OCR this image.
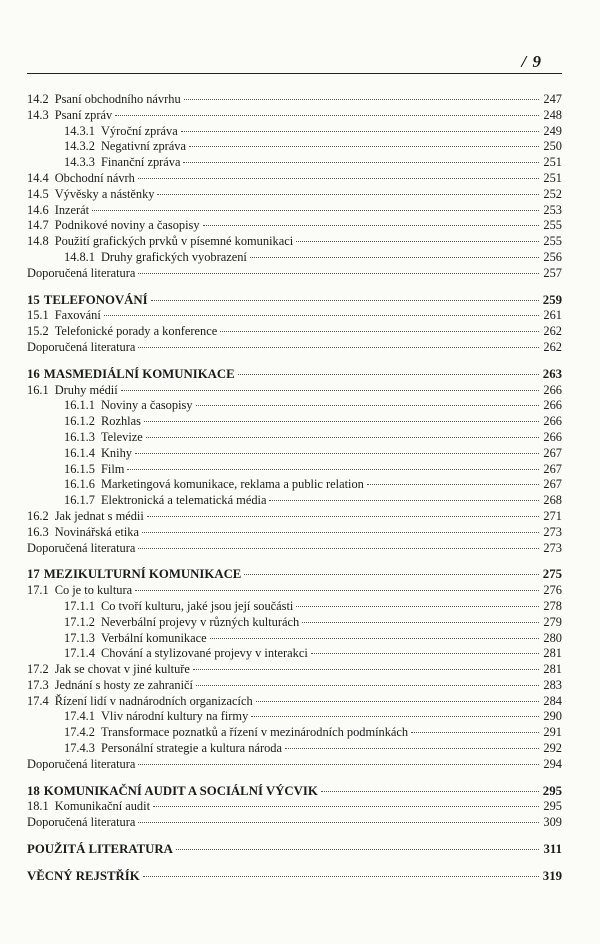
/ 9
14.2 Psaní obchodního návrhu	247
14.3 Psaní zpráv	248
14.3.1 Výroční zpráva	249
14.3.2 Negativní zpráva	250
14.3.3 Finanční zpráva	251
14.4 Obchodní návrh	251
14.5 Vývěsky a nástěnky	252
14.6 Inzerát	253
14.7 Podnikové noviny a časopisy	255
14.8 Použití grafických prvků v písemné komunikaci	255
14.8.1 Druhy grafických vyobrazení	256
Doporučená literatura	257
15 TELEFONOVÁNÍ	259
15.1 Faxování	261
15.2 Telefonické porady a konference	262
Doporučená literatura	262
16 MASMEDIÁLNÍ KOMUNIKACE	263
16.1 Druhy médií	266
16.1.1 Noviny a časopisy	266
16.1.2 Rozhlas	266
16.1.3 Televize	266
16.1.4 Knihy	267
16.1.5 Film	267
16.1.6 Marketingová komunikace, reklama a public relation	267
16.1.7 Elektronická a telematická média	268
16.2 Jak jednat s médii	271
16.3 Novinářská etika	273
Doporučená literatura	273
17 MEZIKULTURNÍ KOMUNIKACE	275
17.1 Co je to kultura	276
17.1.1 Co tvoří kulturu, jaké jsou její součásti	278
17.1.2 Neverbální projevy v různých kulturách	279
17.1.3 Verbální komunikace	280
17.1.4 Chování a stylizované projevy v interakci	281
17.2 Jak se chovat v jiné kultuře	281
17.3 Jednání s hosty ze zahraničí	283
17.4 Řízení lidí v nadnárodních organizacích	284
17.4.1 Vliv národní kultury na firmy	290
17.4.2 Transformace poznatků a řízení v mezinárodních podmínkách	291
17.4.3 Personální strategie a kultura národa	292
Doporučená literatura	294
18 KOMUNIKAČNÍ AUDIT A SOCIÁLNÍ VÝCVIK	295
18.1 Komunikační audit	295
Doporučená literatura	309
POUŽITÁ LITERATURA	311
VĚCNÝ REJSTŘÍK	319
